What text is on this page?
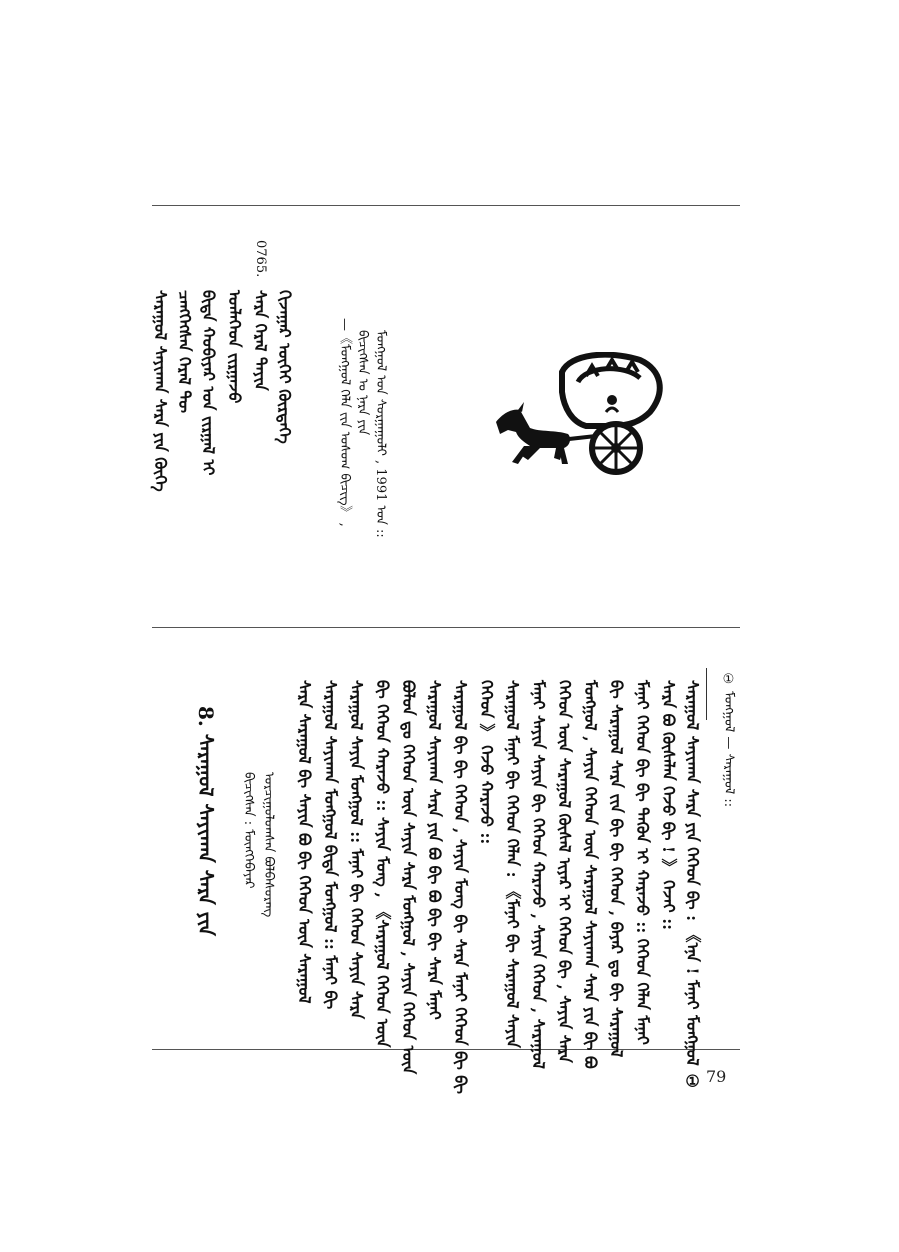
ᠰᠠᠷᠠᠭᠤᠯ ᠰᠠᠶᠢᠬᠠᠨ ᠰᠠᠷᠠ ᠶᠢᠨ ᠬᠥᠭᠡ ᠴᠡᠩᠭᠡᠭᠰᠡᠨ ᠭᠡᠷᠡᠯ ᠲᠦ ᠪᠢᠳᠡ ᠬᠤᠪᠢᠶᠠᠷ ᠤᠨ ᠵᠢᠷᠭᠠᠯ ᠢ ᠡᠳᠯᠡᠭᠡᠳ ᠵᠢᠷᠭᠠᠵᠤ ᠰᠠᠷᠠ ᠭᠡᠷᠡᠯ ᠲᠡᠶᠢᠨ ᠬᠢᠵᠠᠭᠠᠷ ᠦᠭᠡᠢ ᠬᠦᠷᠳᠡᠭᠡ
0765.
—《ᠮᠣᠩᠭᠣᠯ ᠬᠡᠯᠡ ᠵᠢᠨ ᠤᠰᠤᠭ ᠪᠢᠴᠢᠭ》 , ᠪᠢᠴᠢᠭᠰᠡᠨ ᠤ ᠨᠡᠷᠡ ᠶᠢᠨ ᠮᠣᠩᠭᠣᠯ ᠤᠨ ᠰᠤᠷᠭᠠᠭᠤᠯᠢ , 1991 ᠣᠨ ::
8. ᠰᠠᠷᠠᠭᠤᠯ ᠰᠠᠶᠢᠬᠠᠨ ᠰᠠᠷᠠ ᠶᠢᠨ ᠪᠢᠴᠢᠭᠰᠡᠨ : ᠮᠥᠩᠬᠡᠪᠠᠶᠠᠷ ᠣᠷᠴᠢᠭᠤᠯᠤᠭᠰᠠᠨ ᠪᠣᠯᠪᠠᠰᠤᠷᠡᠩ ᠰᠠᠷᠠ ᠰᠠᠷᠠᠭᠤᠯ ᠪᠢ ᠰᠠᠶᠢᠨ ᠪᠣ ᠪᠢ ᠬᠡᠭᠡᠳ ᠦᠨ ᠰᠠᠷᠠᠭᠤᠯ ᠰᠠᠷᠠᠭᠤᠯ ᠰᠠᠶᠢᠬᠠᠨ ᠮᠣᠩᠭᠣᠯ ᠪᠢᠳᠡ ᠮᠣᠩᠭᠣᠯ :: ᠮᠠᠨᠠᠢ ᠪᠢ ᠰᠠᠷᠠᠭᠤᠯ ᠰᠠᠶᠢᠨ ᠮᠣᠩᠭᠣᠯ :: ᠮᠠᠨᠠᠢ ᠪᠢ ᠬᠡᠭᠡᠳ ᠰᠠᠶᠢᠨ ᠰᠠᠷᠠ ᠪᠢ ᠬᠡᠭᠡᠳ ᠬᠠᠷᠠᠵᠤ :: ᠰᠠᠶᠢᠨ ᠮᠣᠩ , 《ᠰᠠᠷᠠᠭᠤᠯ ᠬᠡᠭᠡᠳ ᠦᠨ ᠪᠣᠯᠤᠨ ᠳᠤ ᠬᠡᠭᠡᠳ ᠦᠨ ᠰᠠᠶᠢᠨ ᠰᠠᠷᠠ ᠮᠣᠩᠭᠣᠯ , ᠰᠠᠶᠢᠨ ᠬᠡᠭᠡᠳ ᠦᠨ ᠰᠠᠷᠠᠭᠤᠯ ᠰᠠᠶᠢᠬᠠᠨ ᠰᠠᠷᠠ ᠶᠢᠨ ᠪᠣ ᠪᠢ ᠪᠣ ᠪᠢ ᠪᠢ ᠰᠠᠷᠠ ᠮᠠᠨᠠᠢ ᠰᠠᠷᠠᠭᠤᠯ ᠪᠢ ᠪᠢ ᠬᠡᠭᠡᠳ , ᠰᠠᠶᠢᠨ ᠮᠣᠩ ᠪᠢ ᠰᠠᠷᠠ ᠮᠠᠨᠠᠢ ᠬᠡᠭᠡᠳ ᠪᠢ ᠪᠢ ᠬᠡᠭᠡᠳ 》 ᠭᠡᠵᠦ ᠬᠠᠷᠠᠵᠤ :: ᠰᠠᠷᠠᠭᠤᠯ ᠮᠠᠨᠠᠢ ᠪᠢ ᠬᠡᠭᠡᠳ ᠬᠡᠯᠡᠨ : 《ᠮᠠᠨᠠᠢ ᠪᠢ ᠰᠠᠷᠠᠭᠤᠯ ᠰᠠᠶᠢᠨ ᠮᠠᠨᠠᠢ ᠰᠠᠶᠢᠨ ᠰᠠᠶᠢᠨ ᠪᠢ ᠬᠡᠭᠡᠳ ᠬᠠᠷᠠᠵᠤ , ᠰᠠᠶᠢᠨ ᠬᠡᠭᠡᠳ , ᠰᠠᠷᠠᠭᠤᠯ ᠬᠡᠭᠡᠳ ᠦᠨ ᠰᠠᠷᠠᠭᠤᠯ ᠬᠦᠰᠡᠯ ᠢᠶᠠᠷ ᠢ ᠬᠡᠭᠡᠳ ᠪᠢ , ᠰᠠᠶᠢᠨ ᠰᠠᠷᠠ ᠮᠣᠩᠭᠣᠯ , ᠰᠠᠶᠢᠨ ᠬᠡᠭᠡᠳ ᠦᠨ ᠰᠠᠷᠠᠭᠤᠯ ᠰᠠᠶᠢᠬᠠᠨ ᠰᠠᠷᠠ ᠶᠢᠨ ᠪᠢ ᠪᠣ ᠪᠢ ᠰᠠᠷᠠᠭᠤᠯ ᠰᠠᠷᠠ ᠵᠢᠨ ᠪᠢ ᠪᠢ ᠬᠡᠭᠡᠳ , ᠪᠠᠶᠠᠷ ᠳᠤ ᠪᠢ ᠰᠠᠷᠠᠭᠤᠯ ᠮᠠᠨᠠᠢ ᠬᠡᠭᠡᠳ ᠪᠢ ᠪᠢ ᠲᠡᠭᠦᠨ ᠢ ᠬᠠᠷᠠᠵᠤ :: ᠬᠡᠭᠡᠳ ᠬᠡᠯᠡᠨ ᠮᠠᠨᠠᠢ ᠰᠠᠷᠠ ᠪᠣ ᠬᠦᠰᠡᠯᠡᠨ ᠭᠡᠵᠦ ᠪᠢ ! 》 ᠭᠡᠵᠡᠢ :: ᠰᠠᠷᠠᠭᠤᠯ ᠰᠠᠶᠢᠬᠠᠨ ᠰᠠᠷᠠ ᠶᠢᠨ ᠬᠡᠭᠡᠳ ᠪᠢ : 《ᠡᠨᠡ ! ᠮᠠᠨᠠᠢ ᠮᠣᠩᠭᠣᠯ ① ① ᠮᠣᠩᠭᠣᠯ — ᠰᠠᠷᠠᠭᠤᠯ ::
79
